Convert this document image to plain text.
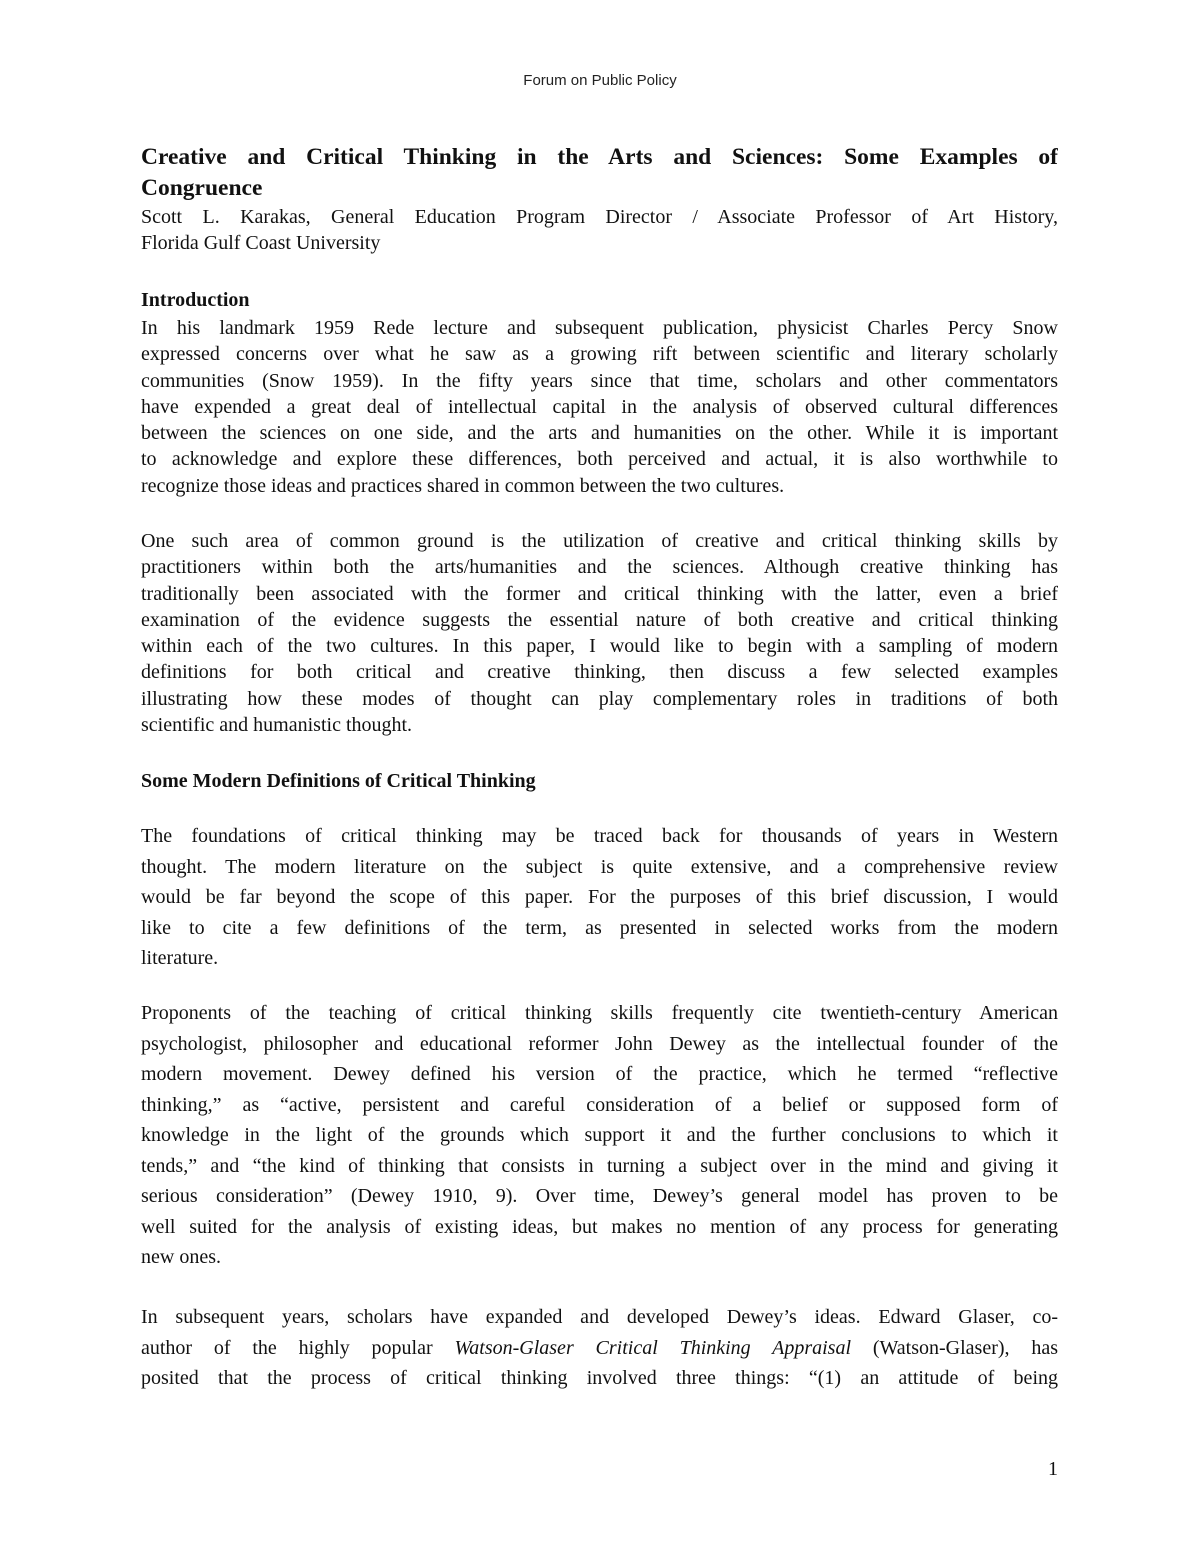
Forum on Public Policy
Creative and Critical Thinking in the Arts and Sciences: Some Examples of
Congruence
Scott L. Karakas, General Education Program Director / Associate Professor of Art History,
Florida Gulf Coast University
Introduction
In his landmark 1959 Rede lecture and subsequent publication, physicist Charles Percy Snow
expressed concerns over what he saw as a growing rift between scientific and literary scholarly
communities (Snow 1959). In the fifty years since that time, scholars and other commentators
have expended a great deal of intellectual capital in the analysis of observed cultural differences
between the sciences on one side, and the arts and humanities on the other. While it is important
to acknowledge and explore these differences, both perceived and actual, it is also worthwhile to
recognize those ideas and practices shared in common between the two cultures.
One such area of common ground is the utilization of creative and critical thinking skills by
practitioners within both the arts/humanities and the sciences. Although creative thinking has
traditionally been associated with the former and critical thinking with the latter, even a brief
examination of the evidence suggests the essential nature of both creative and critical thinking
within each of the two cultures. In this paper, I would like to begin with a sampling of modern
definitions for both critical and creative thinking, then discuss a few selected examples
illustrating how these modes of thought can play complementary roles in traditions of both
scientific and humanistic thought.
Some Modern Definitions of Critical Thinking
The foundations of critical thinking may be traced back for thousands of years in Western
thought. The modern literature on the subject is quite extensive, and a comprehensive review
would be far beyond the scope of this paper. For the purposes of this brief discussion, I would
like to cite a few definitions of the term, as presented in selected works from the modern
literature.
Proponents of the teaching of critical thinking skills frequently cite twentieth-century American
psychologist, philosopher and educational reformer John Dewey as the intellectual founder of the
modern movement. Dewey defined his version of the practice, which he termed “reflective
thinking,” as “active, persistent and careful consideration of a belief or supposed form of
knowledge in the light of the grounds which support it and the further conclusions to which it
tends,” and “the kind of thinking that consists in turning a subject over in the mind and giving it
serious consideration” (Dewey 1910, 9). Over time, Dewey’s general model has proven to be
well suited for the analysis of existing ideas, but makes no mention of any process for generating
new ones.
In subsequent years, scholars have expanded and developed Dewey’s ideas. Edward Glaser, co-
author of the highly popular Watson-Glaser Critical Thinking Appraisal (Watson-Glaser), has
posited that the process of critical thinking involved three things: “(1) an attitude of being
1
